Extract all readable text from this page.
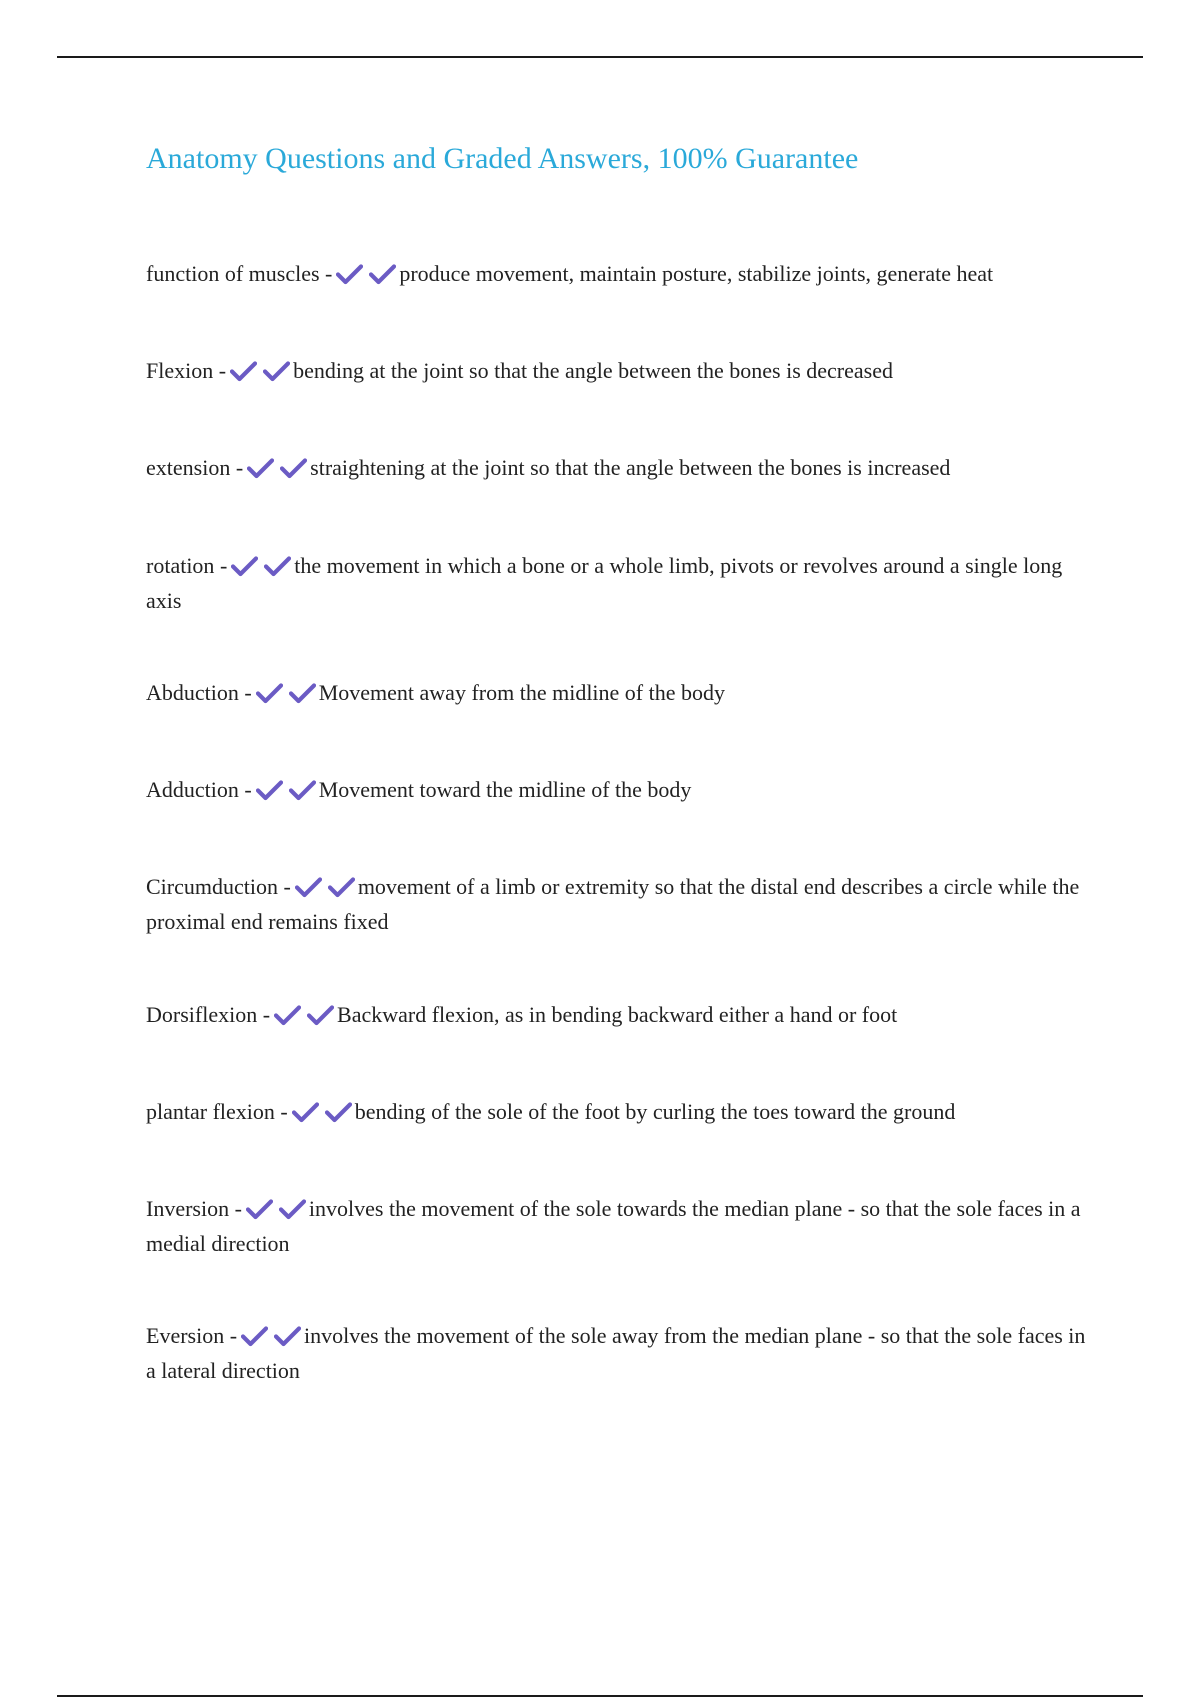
Anatomy Questions and Graded Answers, 100% Guarantee

function of muscles -	produce movement, maintain posture, stabilize joints, generate heat

Flexion -	bending at the joint so that the angle between the bones is decreased

extension -	straightening at the joint so that the angle between the bones is increased

rotation -	the movement in which a bone or a whole limb, pivots or revolves around a single long axis

Abduction -	Movement away from the midline of the body

Adduction -	Movement toward the midline of the body

Circumduction -	movement of a limb or extremity so that the distal end describes a circle while the proximal end remains fixed

Dorsiflexion -	Backward flexion, as in bending backward either a hand or foot

plantar flexion -	bending of the sole of the foot by curling the toes toward the ground

Inversion -	involves the movement of the sole towards the median plane - so that the sole faces in a medial direction

Eversion -	involves the movement of the sole away from the median plane - so that the sole faces in a lateral direction
